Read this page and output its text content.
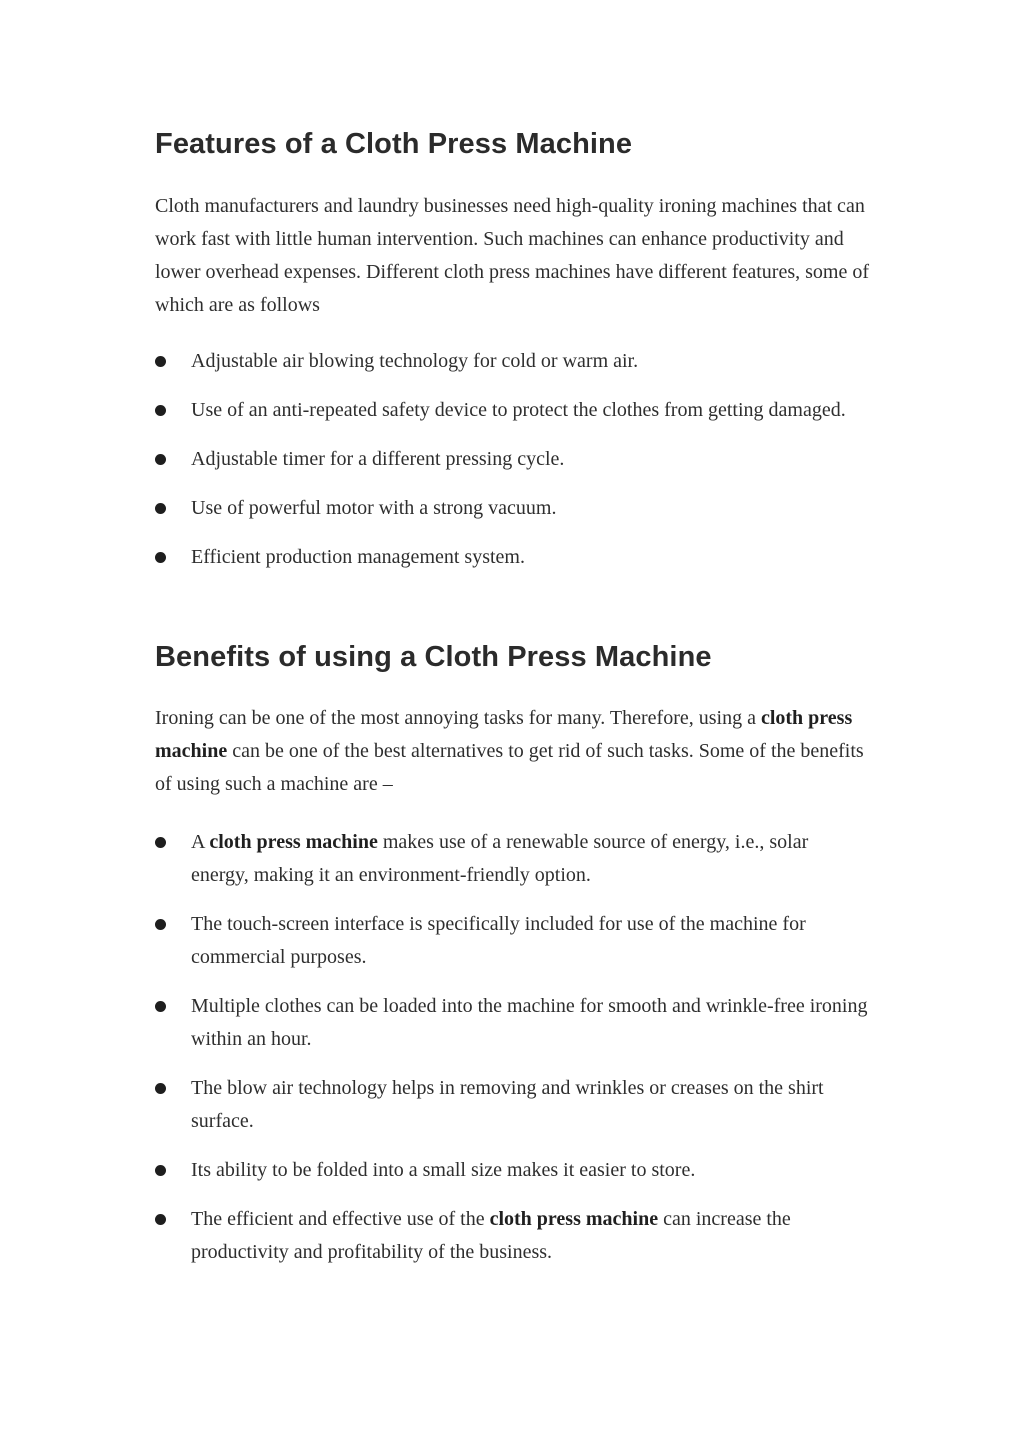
Features of a Cloth Press Machine

Cloth manufacturers and laundry businesses need high-quality ironing machines that can work fast with little human intervention. Such machines can enhance productivity and lower overhead expenses. Different cloth press machines have different features, some of which are as follows

Adjustable air blowing technology for cold or warm air.
Use of an anti-repeated safety device to protect the clothes from getting damaged.
Adjustable timer for a different pressing cycle.
Use of powerful motor with a strong vacuum.
Efficient production management system.
Benefits of using a Cloth Press Machine

Ironing can be one of the most annoying tasks for many. Therefore, using a cloth press machine can be one of the best alternatives to get rid of such tasks. Some of the benefits of using such a machine are –

A cloth press machine makes use of a renewable source of energy, i.e., solar energy, making it an environment-friendly option.
The touch-screen interface is specifically included for use of the machine for commercial purposes.
Multiple clothes can be loaded into the machine for smooth and wrinkle-free ironing within an hour.
The blow air technology helps in removing and wrinkles or creases on the shirt surface.
Its ability to be folded into a small size makes it easier to store.
The efficient and effective use of the cloth press machine can increase the productivity and profitability of the business.
